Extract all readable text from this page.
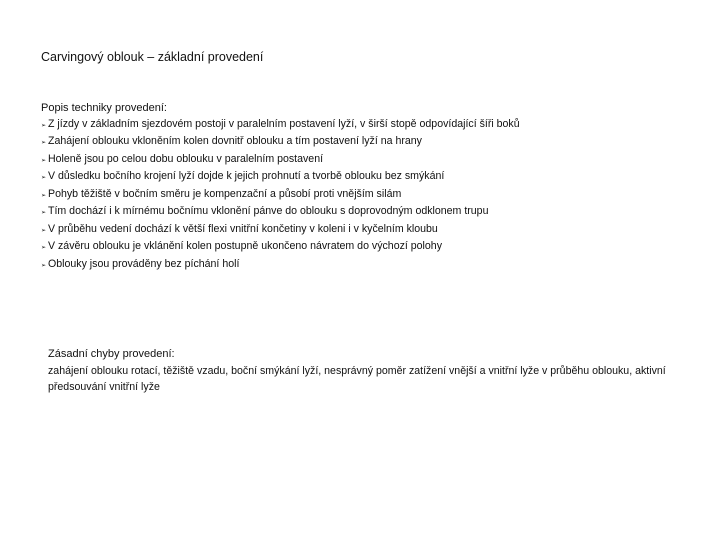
Carvingový oblouk – základní provedení
Popis techniky provedení:
➢ Z jízdy v základním sjezdovém postoji v paralelním postavení lyží, v širší stopě odpovídající šíři boků
➢ Zahájení oblouku vkloněním kolen dovnitř oblouku a tím postavení lyží na hrany
➢ Holeně jsou po celou dobu oblouku v paralelním postavení
➢ V důsledku bočního krojení lyží dojde k jejich prohnutí a tvorbě oblouku bez smýkání
➢ Pohyb těžiště v bočním směru je kompenzační a působí proti vnějším silám
➢ Tím dochází i k mírnému bočnímu vklonění pánve do oblouku s doprovodným odklonem trupu
➢ V průběhu vedení dochází k větší flexi vnitřní končetiny v koleni i v kyčelním kloubu
➢ V závěru oblouku je vklánění kolen postupně ukončeno návratem do výchozí polohy
➢ Oblouky jsou prováděny bez píchání holí
Zásadní chyby provedení:
zahájení oblouku rotací, těžiště vzadu, boční smýkání lyží, nesprávný poměr zatížení vnější a vnitřní lyže v průběhu oblouku, aktivní předsouvání vnitřní lyže
